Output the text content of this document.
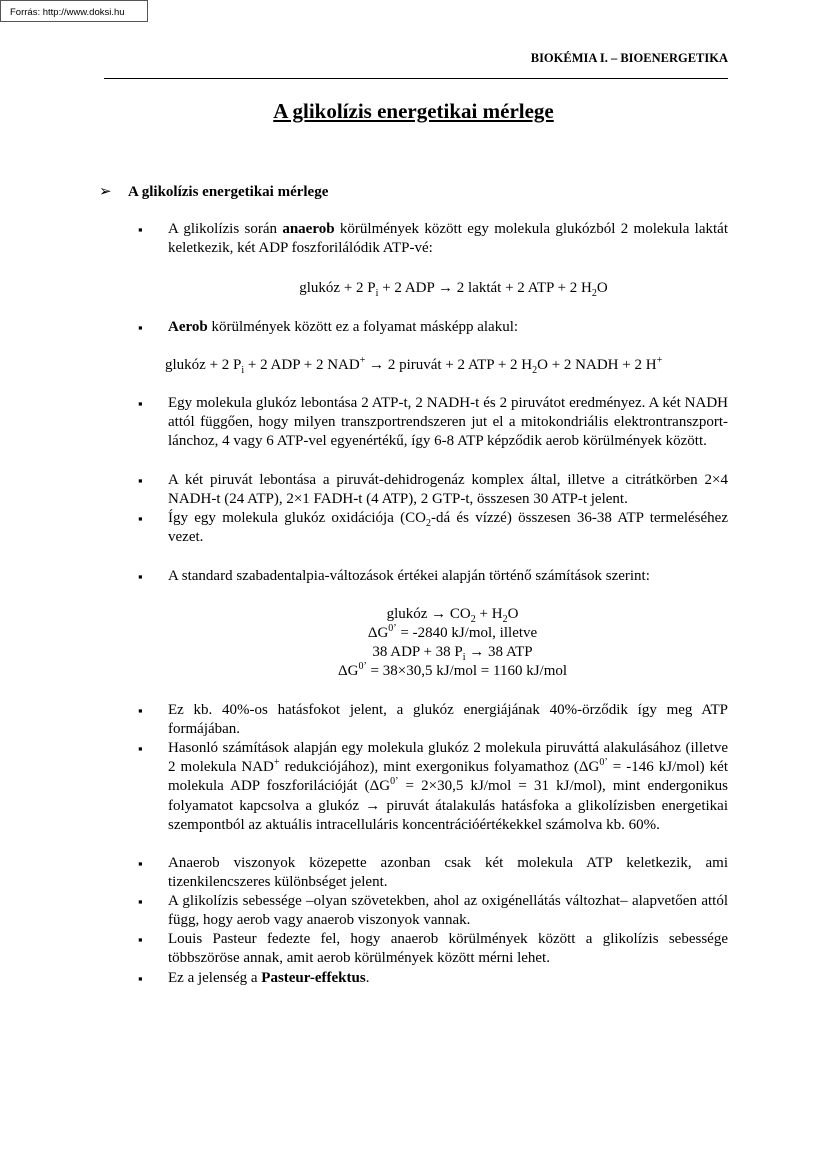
Forrás: http://www.doksi.hu
BIOKÉMIA I. – BIOENERGETIKA
A glikolízis energetikai mérlege
➢ A glikolízis energetikai mérlege
▪ A glikolízis során anaerob körülmények között egy molekula glukózból 2 molekula laktát keletkezik, két ADP foszforilálódik ATP-vé:
glukóz + 2 $P_i + 2$ ADP → 2 laktát + 2 ATP + 2 $H_2O$
▪ Aerob körülmények között ez a folyamat másképp alakul:
glukóz + 2 $P_i + 2$ ADP + 2 NAD+ → 2 piruvát + 2 ATP + 2 $H_2O + 2$ NADH + 2 H+
▪ Egy molekula glukóz lebontása 2 ATP-t, 2 NADH-t és 2 piruvátot eredményez. A két NADH attól függően, hogy milyen transzportrendszeren jut el a mitokondriális elektrontranszport-lánchoz, 4 vagy 6 ATP-vel egyenértékű, így 6-8 ATP képződik aerob körülmények között.
▪ A két piruvát lebontása a piruvát-dehidrogenáz komplex által, illetve a citrátkörben 2×4 NADH-t (24 ATP), 2×1 FADH-t (4 ATP), 2 GTP-t, összesen 30 ATP-t jelent.
▪ Így egy molekula glukóz oxidációja ($CO_2-dá$ és vízzé) összesen 36-38 ATP termeléséhez vezet.
▪ A standard szabadentalpia-változások értékei alapján történő számítások szerint:
glukóz → $CO_2 + H_2O$
$\Delta G^{0’} = -2840$ kJ/mol, illetve
38 ADP + 38 $P_i \to 38$ ATP
$\Delta G^{0’} = 38\times 30,5$ kJ/mol = 1160 kJ/mol
▪ Ez kb. 40%-os hatásfokot jelent, a glukóz energiájának 40%-örződik így meg ATP formájában.
▪ Hasonló számítások alapján egy molekula glukóz 2 molekula piruváttá alakulásához (illetve 2 molekula NAD+ redukciójához), mint exergonikus folyamathoz ($\Delta G^{0’} = -146$ kJ/mol) két molekula ADP foszforilációját ($\Delta G^{0’} = 2\times 30,5$ kJ/mol = 31 kJ/mol), mint endergonikus folyamatot kapcsolva a glukóz → piruvát átalakulás hatásfoka a glikolízisben energetikai szempontból az aktuális intracelluláris koncentrációértékekkel számolva kb. 60%.
▪ Anaerob viszonyok közepette azonban csak két molekula ATP keletkezik, ami tizenkilencszeres különbséget jelent.
▪ A glikolízis sebessége –olyan szövetekben, ahol az oxigénellátás változhat– alapvetően attól függ, hogy aerob vagy anaerob viszonyok vannak.
▪ Louis Pasteur fedezte fel, hogy anaerob körülmények között a glikolízis sebessége többszöröse annak, amit aerob körülmények között mérni lehet.
▪ Ez a jelenség a Pasteur-effektus.
